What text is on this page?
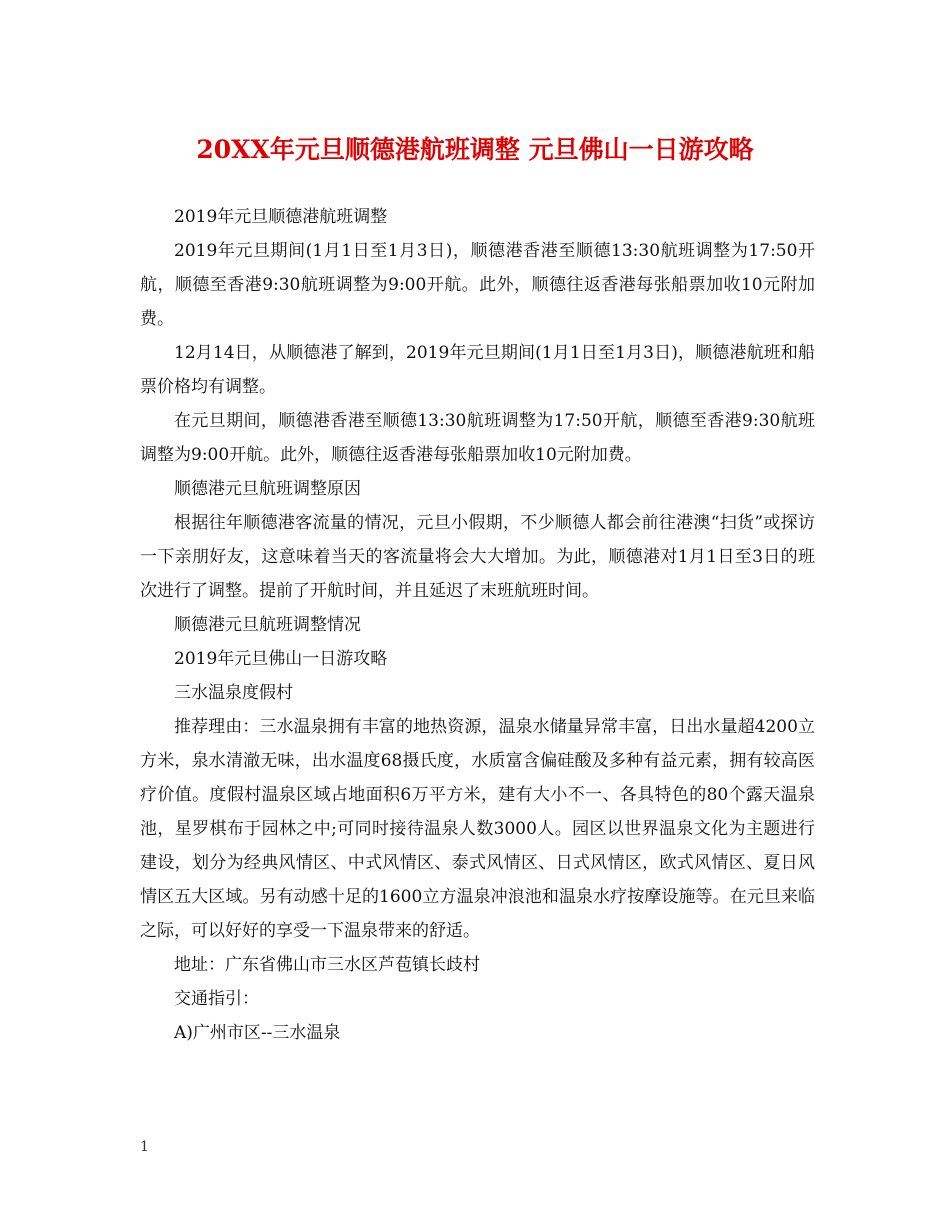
20XX年元旦顺德港航班调整 元旦佛山一日游攻略

2019年元旦顺德港航班调整

2019年元旦期间(1月1日至1月3日)，顺德港香港至顺德13:30航班调整为17:50开航，顺德至香港9:30航班调整为9:00开航。此外，顺德往返香港每张船票加收10元附加费。

12月14日，从顺德港了解到，2019年元旦期间(1月1日至1月3日)，顺德港航班和船票价格均有调整。

在元旦期间，顺德港香港至顺德13:30航班调整为17:50开航，顺德至香港9:30航班调整为9:00开航。此外，顺德往返香港每张船票加收10元附加费。

顺德港元旦航班调整原因

根据往年顺德港客流量的情况，元旦小假期，不少顺德人都会前往港澳“扫货”或探访一下亲朋好友，这意味着当天的客流量将会大大增加。为此，顺德港对1月1日至3日的班次进行了调整。提前了开航时间，并且延迟了末班航班时间。

顺德港元旦航班调整情况

2019年元旦佛山一日游攻略

三水温泉度假村

推荐理由：三水温泉拥有丰富的地热资源，温泉水储量异常丰富，日出水量超4200立方米，泉水清澈无味，出水温度68摄氏度，水质富含偏硅酸及多种有益元素，拥有较高医疗价值。度假村温泉区域占地面积6万平方米，建有大小不一、各具特色的80个露天温泉池，星罗棋布于园林之中;可同时接待温泉人数3000人。园区以世界温泉文化为主题进行建设，划分为经典风情区、中式风情区、泰式风情区、日式风情区，欧式风情区、夏日风情区五大区域。另有动感十足的1600立方温泉冲浪池和温泉水疗按摩设施等。在元旦来临之际，可以好好的享受一下温泉带来的舒适。

地址：广东省佛山市三水区芦苞镇长歧村

交通指引：

A)广州市区--三水温泉

1
